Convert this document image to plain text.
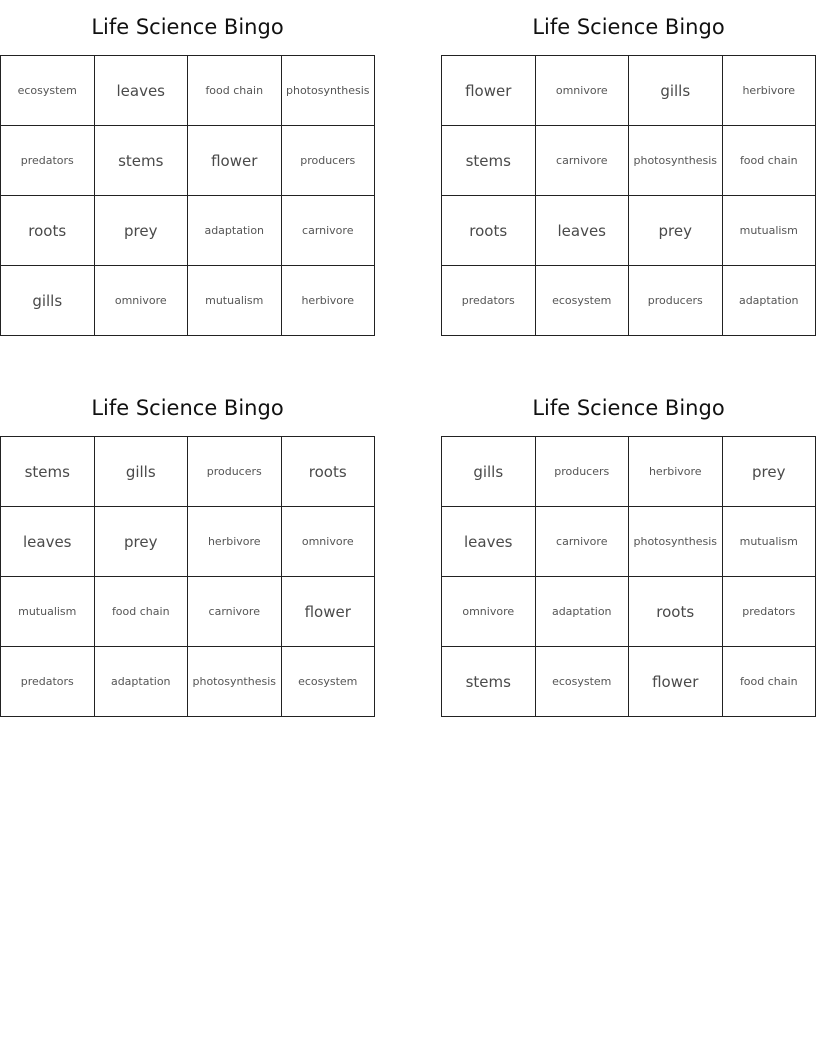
Life Science Bingo
ecosystem	leaves	food chain	photosynthesis
predators	stems	flower	producers
roots	prey	adaptation	carnivore
gills	omnivore	mutualism	herbivore
Life Science Bingo
flower	omnivore	gills	herbivore
stems	carnivore	photosynthesis	food chain
roots	leaves	prey	mutualism
predators	ecosystem	producers	adaptation
Life Science Bingo
stems	gills	producers	roots
leaves	prey	herbivore	omnivore
mutualism	food chain	carnivore	flower
predators	adaptation	photosynthesis	ecosystem
Life Science Bingo
gills	producers	herbivore	prey
leaves	carnivore	photosynthesis	mutualism
omnivore	adaptation	roots	predators
stems	ecosystem	flower	food chain
